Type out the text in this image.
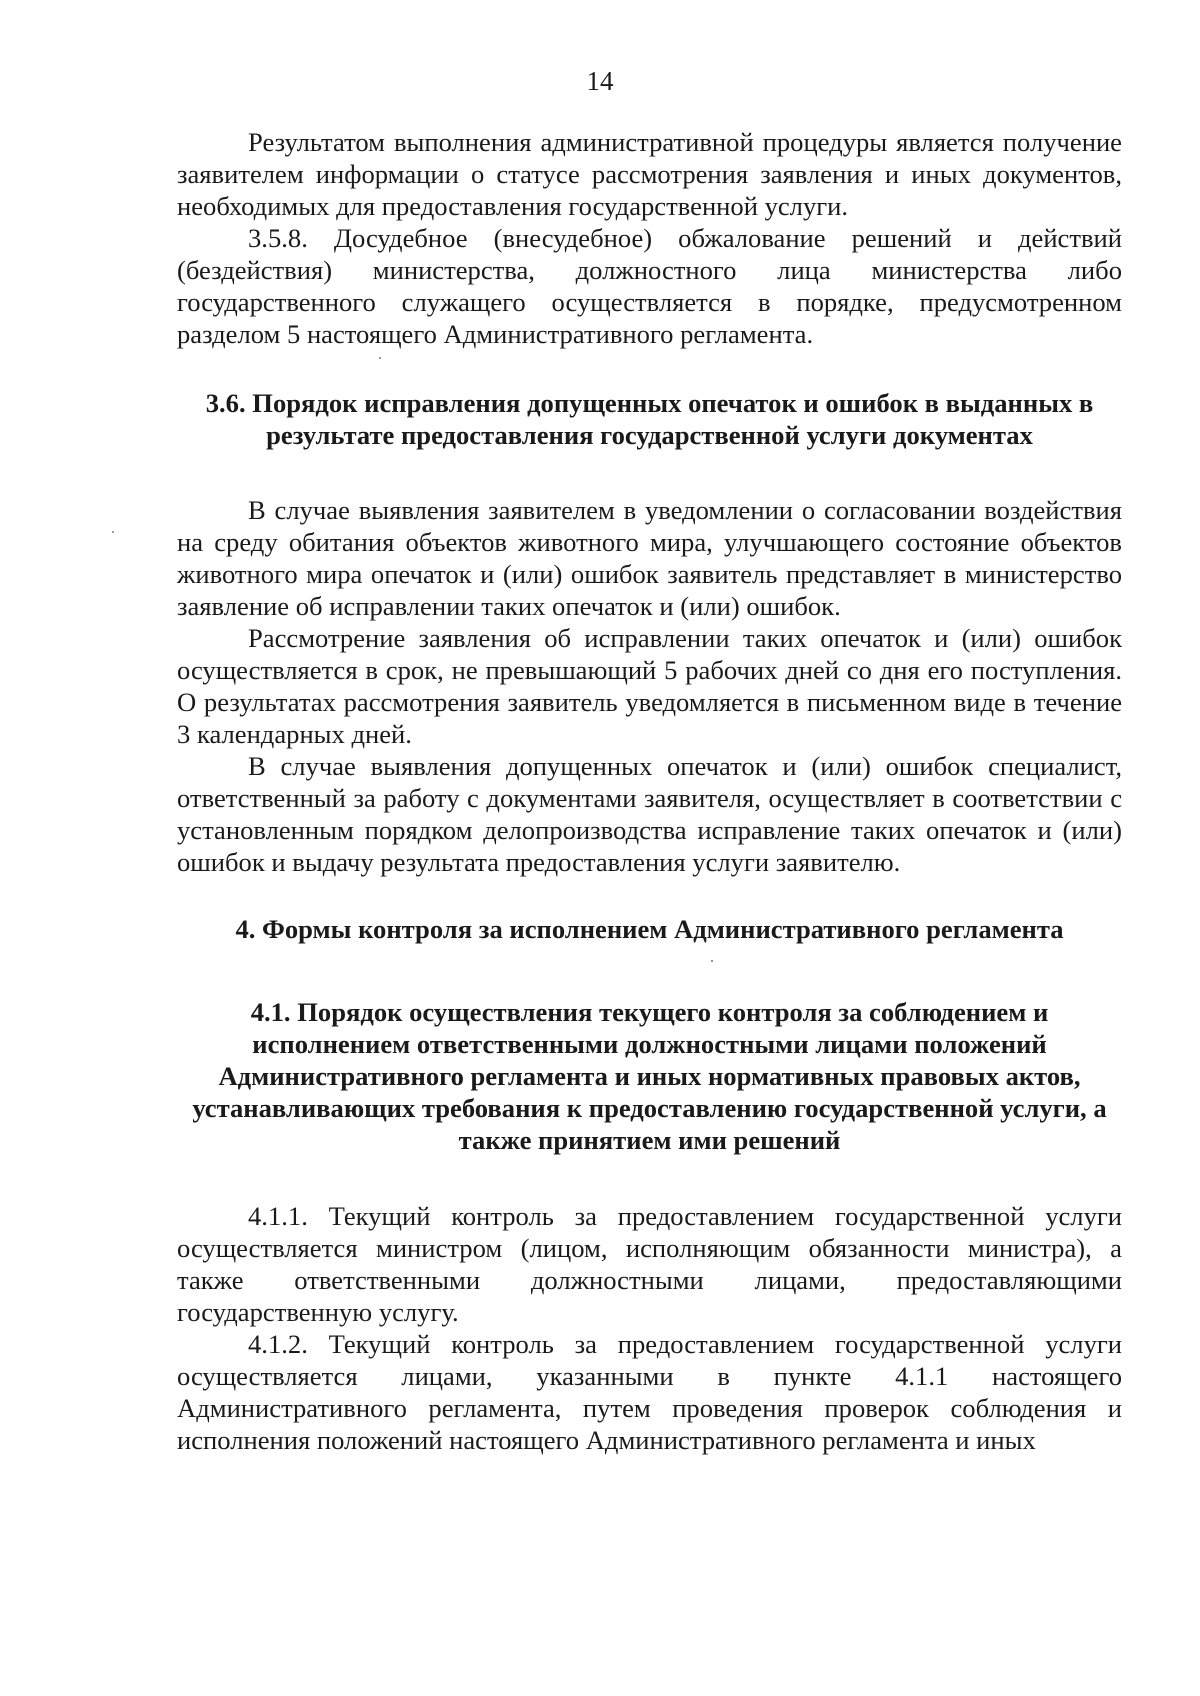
14

Результатом выполнения административной процедуры является получение заявителем информации о статусе рассмотрения заявления и иных документов, необходимых для предоставления государственной услуги.

3.5.8. Досудебное (внесудебное) обжалование решений и действий (бездействия) министерства, должностного лица министерства либо государственного служащего осуществляется в порядке, предусмотренном разделом 5 настоящего Административного регламента.

3.6. Порядок исправления допущенных опечаток и ошибок в выданных в результате предоставления государственной услуги документах

В случае выявления заявителем в уведомлении о согласовании воздействия на среду обитания объектов животного мира, улучшающего состояние объектов животного мира опечаток и (или) ошибок заявитель представляет в министерство заявление об исправлении таких опечаток и (или) ошибок.

Рассмотрение заявления об исправлении таких опечаток и (или) ошибок осуществляется в срок, не превышающий 5 рабочих дней со дня его поступления. О результатах рассмотрения заявитель уведомляется в письменном виде в течение 3 календарных дней.

В случае выявления допущенных опечаток и (или) ошибок специалист, ответственный за работу с документами заявителя, осуществляет в соответствии с установленным порядком делопроизводства исправление таких опечаток и (или) ошибок и выдачу результата предоставления услуги заявителю.

4. Формы контроля за исполнением Административного регламента

4.1. Порядок осуществления текущего контроля за соблюдением и исполнением ответственными должностными лицами положений Административного регламента и иных нормативных правовых актов, устанавливающих требования к предоставлению государственной услуги, а также принятием ими решений

4.1.1. Текущий контроль за предоставлением государственной услуги осуществляется министром (лицом, исполняющим обязанности министра), а также ответственными должностными лицами, предоставляющими государственную услугу.

4.1.2. Текущий контроль за предоставлением государственной услуги осуществляется лицами, указанными в пункте 4.1.1 настоящего Административного регламента, путем проведения проверок соблюдения и исполнения положений настоящего Административного регламента и иных
